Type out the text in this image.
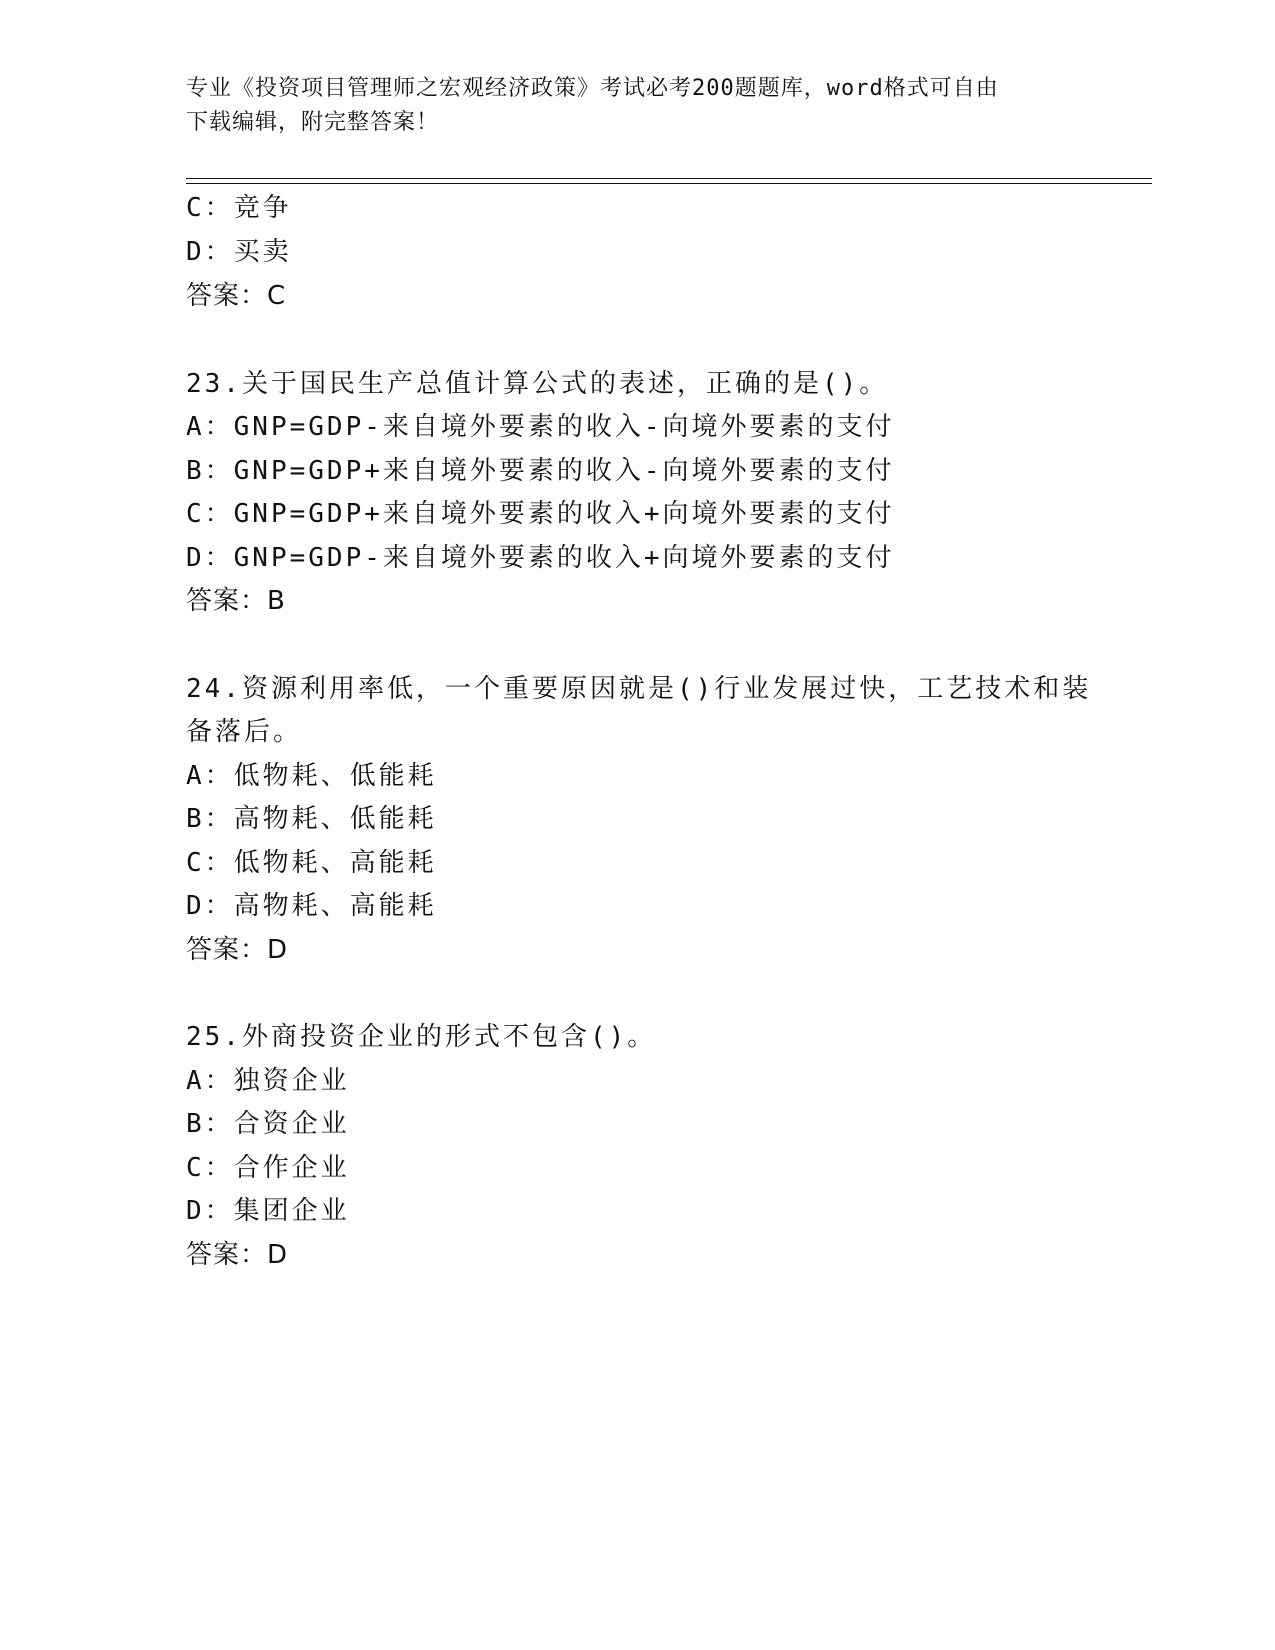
专业《投资项目管理师之宏观经济政策》考试必考200题题库，word格式可自由
下载编辑，附完整答案！
C：竞争
D：买卖
答案：C
23.关于国民生产总值计算公式的表述，正确的是()。
A：GNP=GDP-来自境外要素的收入-向境外要素的支付
B：GNP=GDP+来自境外要素的收入-向境外要素的支付
C：GNP=GDP+来自境外要素的收入+向境外要素的支付
D：GNP=GDP-来自境外要素的收入+向境外要素的支付
答案：B
24.资源利用率低，一个重要原因就是()行业发展过快，工艺技术和装
备落后。
A：低物耗、低能耗
B：高物耗、低能耗
C：低物耗、高能耗
D：高物耗、高能耗
答案：D
25.外商投资企业的形式不包含()。
A：独资企业
B：合资企业
C：合作企业
D：集团企业
答案：D
